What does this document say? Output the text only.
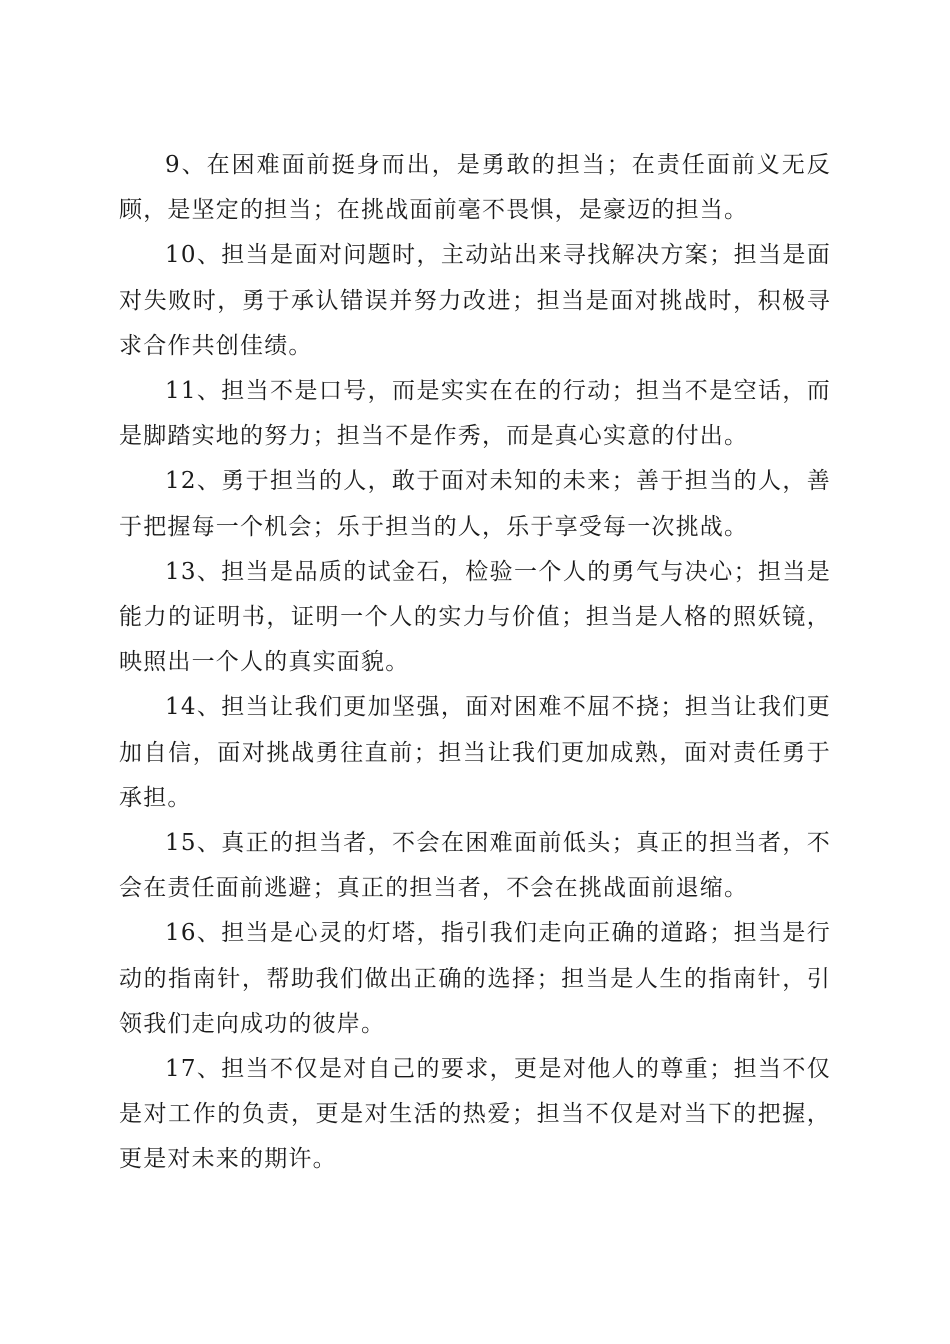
9、在困难面前挺身而出，是勇敢的担当；在责任面前义无反顾，是坚定的担当；在挑战面前毫不畏惧，是豪迈的担当。

10、担当是面对问题时，主动站出来寻找解决方案；担当是面对失败时，勇于承认错误并努力改进；担当是面对挑战时，积极寻求合作共创佳绩。

11、担当不是口号，而是实实在在的行动；担当不是空话，而是脚踏实地的努力；担当不是作秀，而是真心实意的付出。

12、勇于担当的人，敢于面对未知的未来；善于担当的人，善于把握每一个机会；乐于担当的人，乐于享受每一次挑战。

13、担当是品质的试金石，检验一个人的勇气与决心；担当是能力的证明书，证明一个人的实力与价值；担当是人格的照妖镜，映照出一个人的真实面貌。

14、担当让我们更加坚强，面对困难不屈不挠；担当让我们更加自信，面对挑战勇往直前；担当让我们更加成熟，面对责任勇于承担。

15、真正的担当者，不会在困难面前低头；真正的担当者，不会在责任面前逃避；真正的担当者，不会在挑战面前退缩。

16、担当是心灵的灯塔，指引我们走向正确的道路；担当是行动的指南针，帮助我们做出正确的选择；担当是人生的指南针，引领我们走向成功的彼岸。

17、担当不仅是对自己的要求，更是对他人的尊重；担当不仅是对工作的负责，更是对生活的热爱；担当不仅是对当下的把握，更是对未来的期许。
